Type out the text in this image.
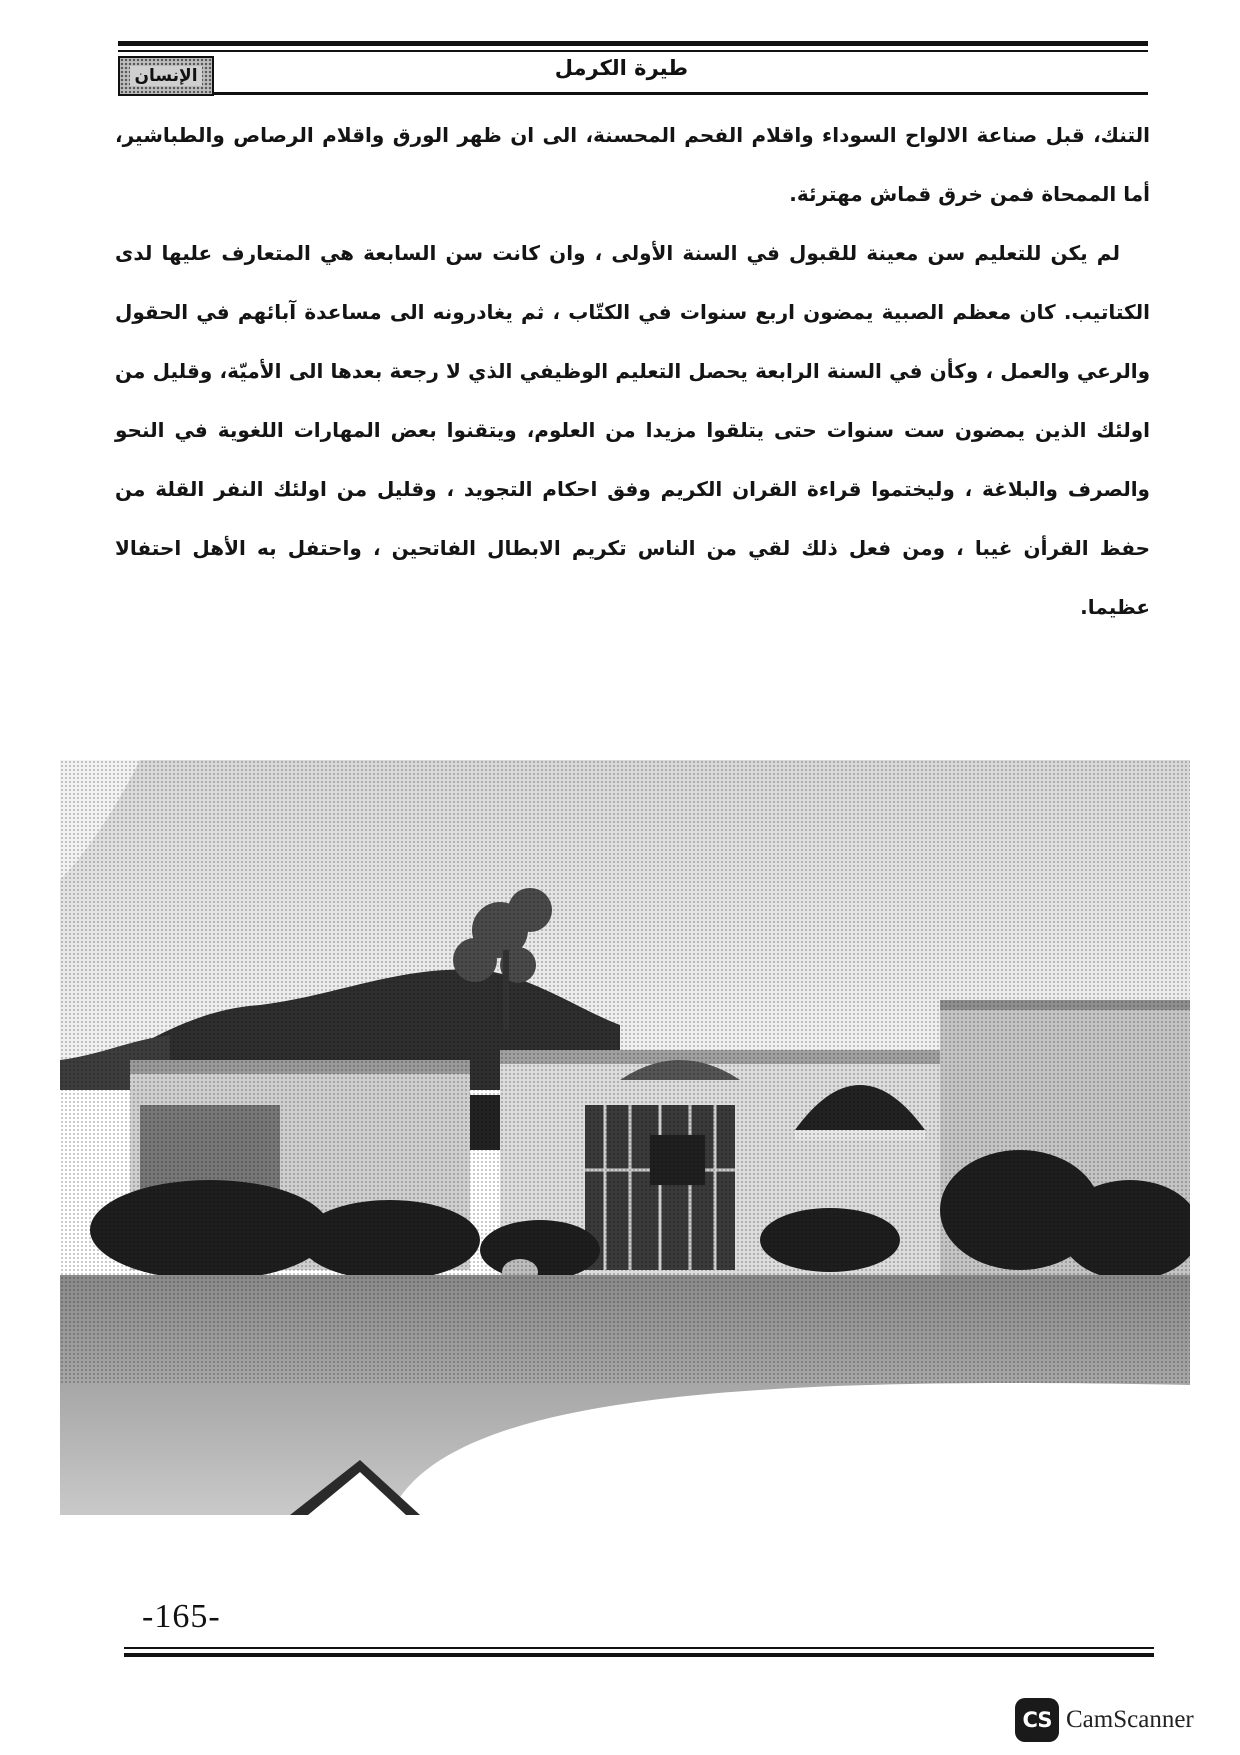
الإنسان	طيرة الكرمل

التنك، قبل صناعة الالواح السوداء واقلام الفحم المحسنة، الى ان ظهر الورق واقلام الرصاص والطباشير، أما الممحاة فمن خرق قماش مهترئة.

لم يكن للتعليم سن معينة للقبول في السنة الأولى ، وان كانت سن السابعة هي المتعارف عليها لدى الكتاتيب. كان معظم الصبية يمضون اربع سنوات في الكتّاب ، ثم يغادرونه الى مساعدة آبائهم في الحقول والرعي والعمل ، وكأن في السنة الرابعة يحصل التعليم الوظيفي الذي لا رجعة بعدها الى الأميّة، وقليل من اولئك الذين يمضون ست سنوات حتى يتلقوا مزيدا من العلوم، ويتقنوا بعض المهارات اللغوية في النحو والصرف والبلاغة ، وليختموا قراءة القران الكريم وفق احكام التجويد ، وقليل من اولئك النفر القلة من حفظ القرأن غيبا ، ومن فعل ذلك لقي من الناس تكريم الابطال الفاتحين ، واحتفل به الأهل احتفالا عظيما.

-165-
CS CamScanner
